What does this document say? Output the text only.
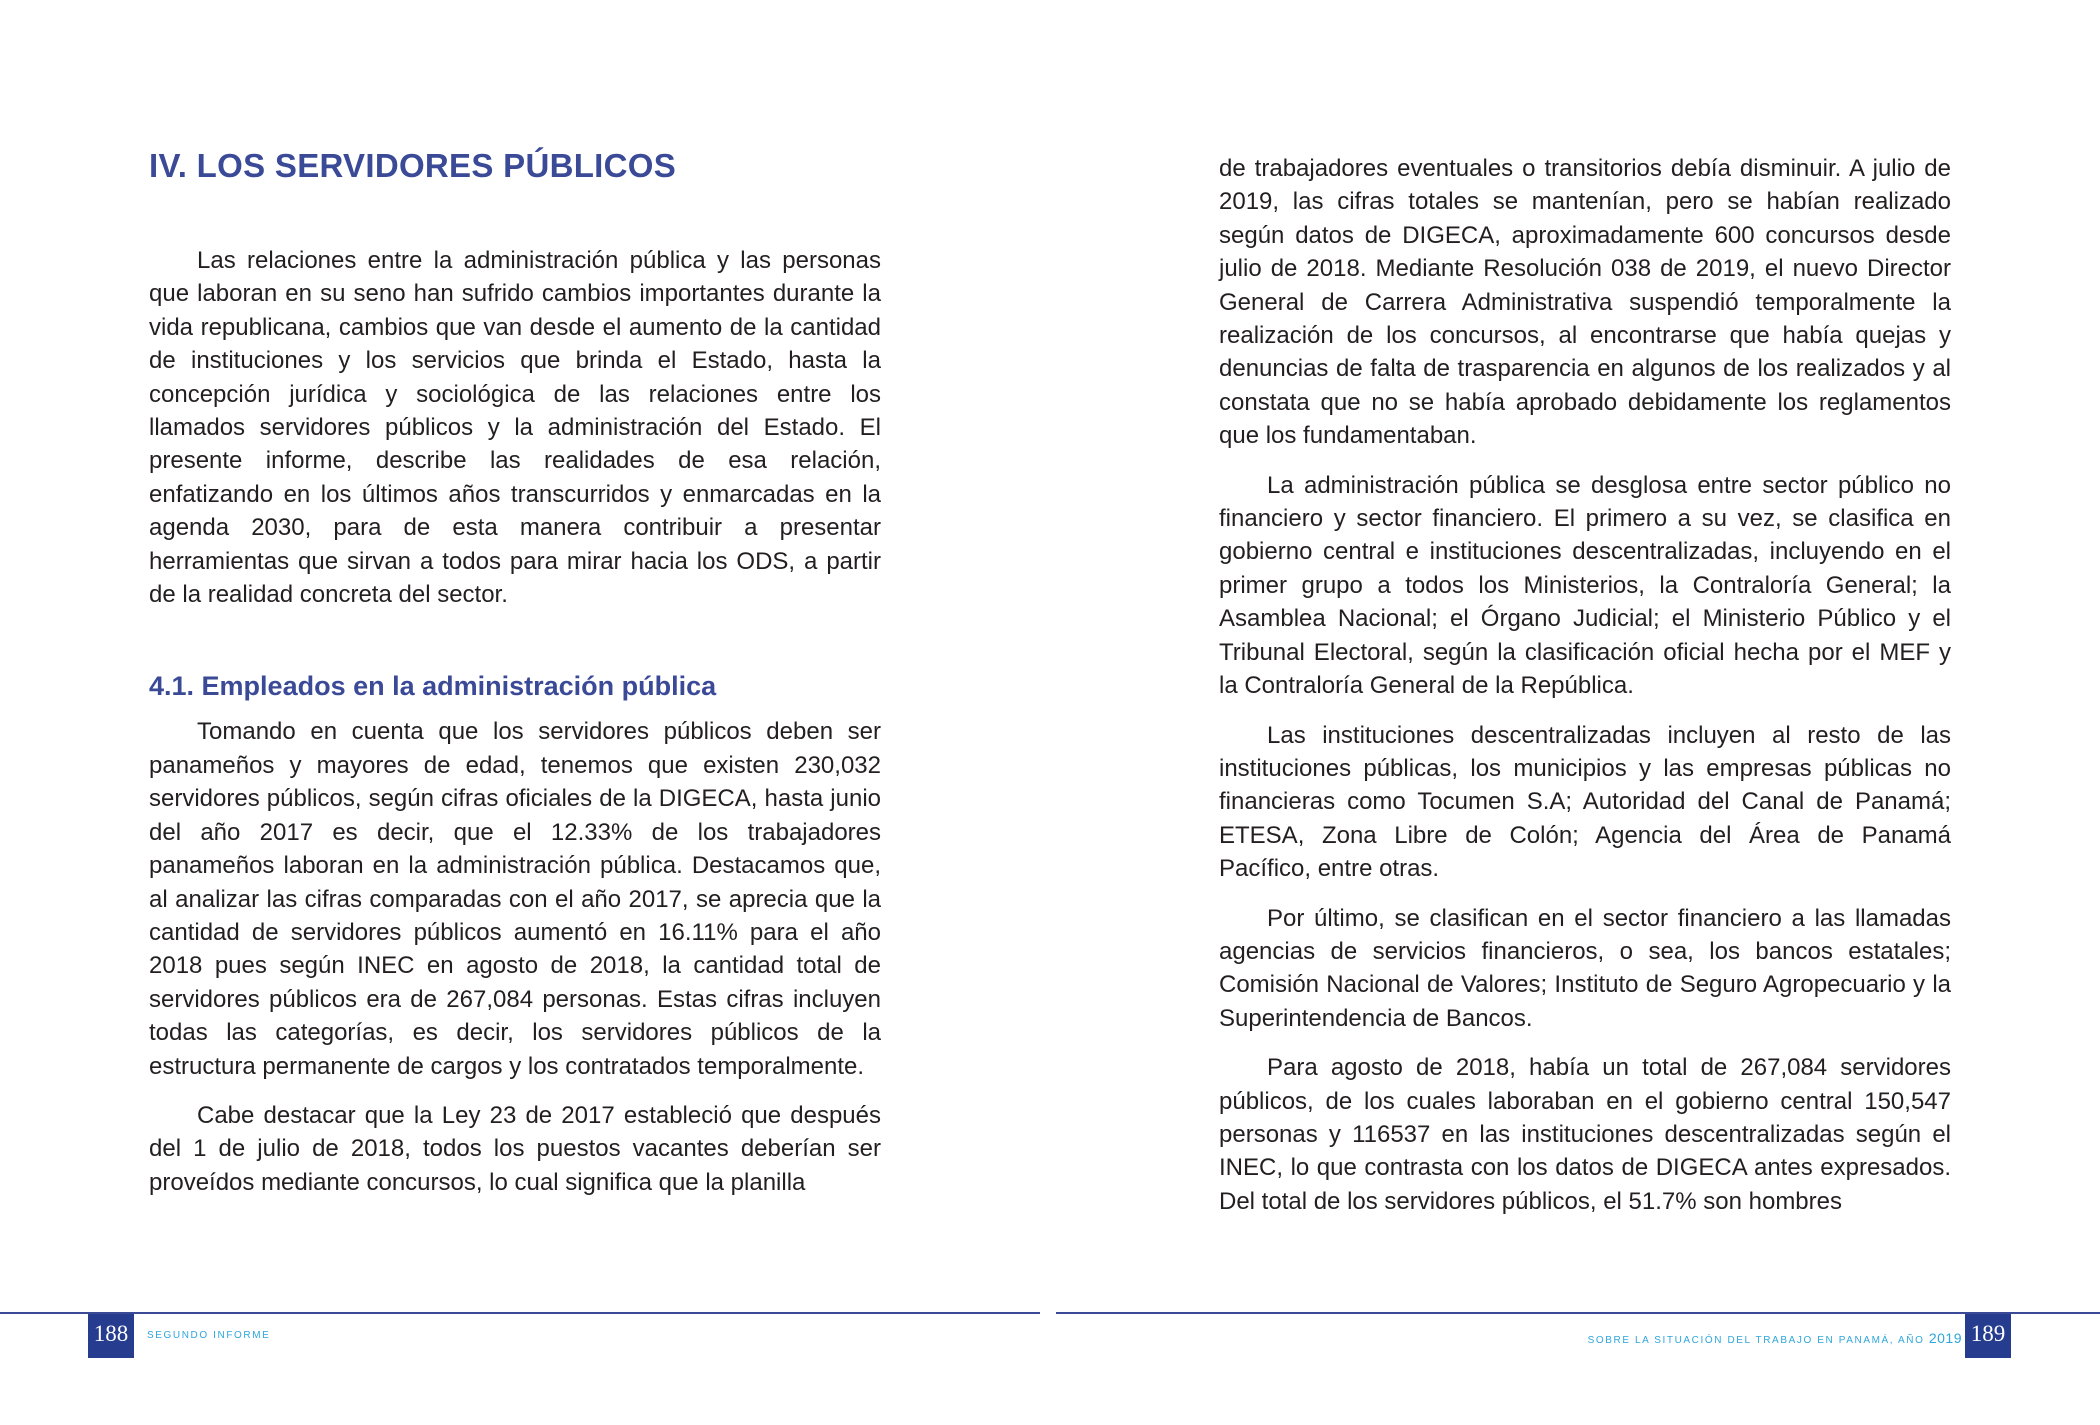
IV. LOS SERVIDORES PÚBLICOS

Las relaciones entre la administración pública y las personas que laboran en su seno han sufrido cambios importantes durante la vida republicana, cambios que van desde el aumento de la cantidad de instituciones y los servicios que brinda el Estado, hasta la concepción jurídica y sociológica de las relaciones entre los llamados servidores públicos y la administración del Estado. El presente informe, describe las realidades de esa relación, enfatizando en los últimos años transcurridos y enmarcadas en la agenda 2030, para de esta manera contribuir a presentar herramientas que sirvan a todos para mirar hacia los ODS, a partir de la realidad concreta del sector.

4.1. Empleados en la administración pública

Tomando en cuenta que los servidores públicos deben ser panameños y mayores de edad, tenemos que existen 230,032 servidores públicos, según cifras oficiales de la DIGECA, hasta junio del año 2017 es decir, que el 12.33% de los trabajadores panameños laboran en la administración pública. Destacamos que, al analizar las cifras comparadas con el año 2017, se aprecia que la cantidad de servidores públicos aumentó en 16.11% para el año 2018 pues según INEC en agosto de 2018, la cantidad total de servidores públicos era de 267,084 personas. Estas cifras incluyen todas las categorías, es decir, los servidores públicos de la estructura permanente de cargos y los contratados temporalmente.

Cabe destacar que la Ley 23 de 2017 estableció que después del 1 de julio de 2018, todos los puestos vacantes deberían ser proveídos mediante concursos, lo cual significa que la planilla

188	SEGUNDO INFORME

de trabajadores eventuales o transitorios debía disminuir. A julio de 2019, las cifras totales se mantenían, pero se habían realizado según datos de DIGECA, aproximadamente 600 concursos desde julio de 2018. Mediante Resolución 038 de 2019, el nuevo Director General de Carrera Administrativa suspendió temporalmente la realización de los concursos, al encontrarse que había quejas y denuncias de falta de trasparencia en algunos de los realizados y al constata que no se había aprobado debidamente los reglamentos que los fundamentaban.

La administración pública se desglosa entre sector público no financiero y sector financiero. El primero a su vez, se clasifica en gobierno central e instituciones descentralizadas, incluyendo en el primer grupo a todos los Ministerios, la Contraloría General; la Asamblea Nacional; el Órgano Judicial; el Ministerio Público y el Tribunal Electoral, según la clasificación oficial hecha por el MEF y la Contraloría General de la República.

Las instituciones descentralizadas incluyen al resto de las instituciones públicas, los municipios y las empresas públicas no financieras como Tocumen S.A; Autoridad del Canal de Panamá; ETESA, Zona Libre de Colón; Agencia del Área de Panamá Pacífico, entre otras.

Por último, se clasifican en el sector financiero a las llamadas agencias de servicios financieros, o sea, los bancos estatales; Comisión Nacional de Valores; Instituto de Seguro Agropecuario y la Superintendencia de Bancos.

Para agosto de 2018, había un total de 267,084 servidores públicos, de los cuales laboraban en el gobierno central 150,547 personas y 116537 en las instituciones descentralizadas según el INEC, lo que contrasta con los datos de DIGECA antes expresados. Del total de los servidores públicos, el 51.7% son hombres

SOBRE LA SITUACIÓN DEL TRABAJO EN PANAMÁ, AÑO 2019 189
